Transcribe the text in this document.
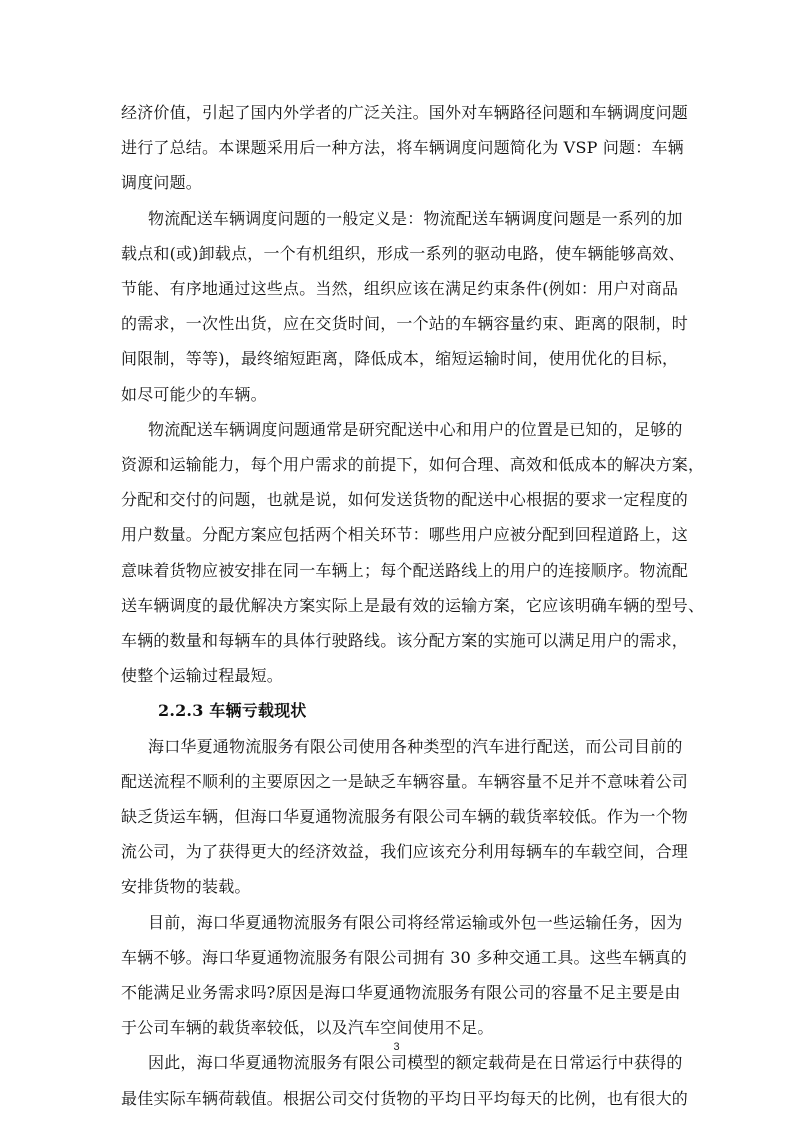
经济价值，引起了国内外学者的广泛关注。国外对车辆路径问题和车辆调度问题
进行了总结。本课题采用后一种方法，将车辆调度问题简化为 VSP 问题：车辆
调度问题。
物流配送车辆调度问题的一般定义是：物流配送车辆调度问题是一系列的加
载点和(或)卸载点，一个有机组织，形成一系列的驱动电路，使车辆能够高效、
节能、有序地通过这些点。当然，组织应该在满足约束条件(例如：用户对商品
的需求，一次性出货，应在交货时间，一个站的车辆容量约束、距离的限制，时
间限制，等等)，最终缩短距离，降低成本，缩短运输时间，使用优化的目标，
如尽可能少的车辆。
物流配送车辆调度问题通常是研究配送中心和用户的位置是已知的，足够的
资源和运输能力，每个用户需求的前提下，如何合理、高效和低成本的解决方案，
分配和交付的问题，也就是说，如何发送货物的配送中心根据的要求一定程度的
用户数量。分配方案应包括两个相关环节：哪些用户应被分配到回程道路上，这
意味着货物应被安排在同一车辆上；每个配送路线上的用户的连接顺序。物流配
送车辆调度的最优解决方案实际上是最有效的运输方案，它应该明确车辆的型号、
车辆的数量和每辆车的具体行驶路线。该分配方案的实施可以满足用户的需求，
使整个运输过程最短。
2.2.3 车辆亏载现状
海口华夏通物流服务有限公司使用各种类型的汽车进行配送，而公司目前的
配送流程不顺利的主要原因之一是缺乏车辆容量。车辆容量不足并不意味着公司
缺乏货运车辆，但海口华夏通物流服务有限公司车辆的载货率较低。作为一个物
流公司，为了获得更大的经济效益，我们应该充分利用每辆车的车载空间，合理
安排货物的装载。
目前，海口华夏通物流服务有限公司将经常运输或外包一些运输任务，因为
车辆不够。海口华夏通物流服务有限公司拥有 30 多种交通工具。这些车辆真的
不能满足业务需求吗?原因是海口华夏通物流服务有限公司的容量不足主要是由
于公司车辆的载货率较低，以及汽车空间使用不足。
因此，海口华夏通物流服务有限公司模型的额定载荷是在日常运行中获得的
最佳实际车辆荷载值。根据公司交付货物的平均日平均每天的比例，也有很大的
3
